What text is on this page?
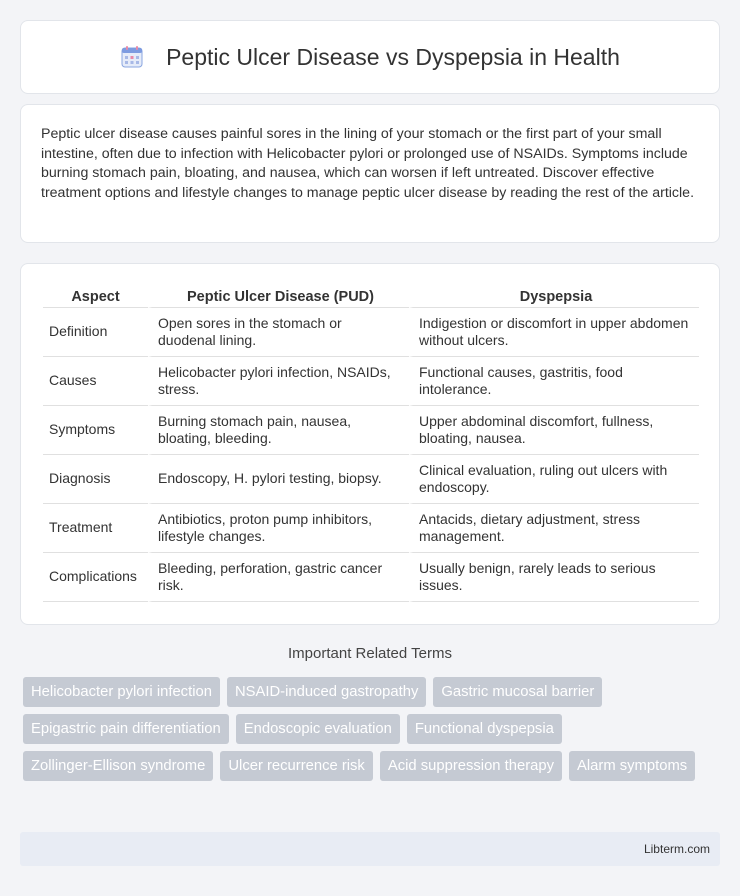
Peptic Ulcer Disease vs Dyspepsia in Health

Peptic ulcer disease causes painful sores in the lining of your stomach or the first part of your small intestine, often due to infection with Helicobacter pylori or prolonged use of NSAIDs. Symptoms include burning stomach pain, bloating, and nausea, which can worsen if left untreated. Discover effective treatment options and lifestyle changes to manage peptic ulcer disease by reading the rest of the article.

Aspect	Peptic Ulcer Disease (PUD)	Dyspepsia
Definition	Open sores in the stomach or duodenal lining.	Indigestion or discomfort in upper abdomen without ulcers.
Causes	Helicobacter pylori infection, NSAIDs, stress.	Functional causes, gastritis, food intolerance.
Symptoms	Burning stomach pain, nausea, bloating, bleeding.	Upper abdominal discomfort, fullness, bloating, nausea.
Diagnosis	Endoscopy, H. pylori testing, biopsy.	Clinical evaluation, ruling out ulcers with endoscopy.
Treatment	Antibiotics, proton pump inhibitors, lifestyle changes.	Antacids, dietary adjustment, stress management.
Complications	Bleeding, perforation, gastric cancer risk.	Usually benign, rarely leads to serious issues.
Important Related Terms
Helicobacter pylori infection	NSAID-induced gastropathy	Gastric mucosal barrier
Epigastric pain differentiation	Endoscopic evaluation	Functional dyspepsia
Zollinger-Ellison syndrome	Ulcer recurrence risk	Acid suppression therapy	Alarm symptoms
Libterm.com
